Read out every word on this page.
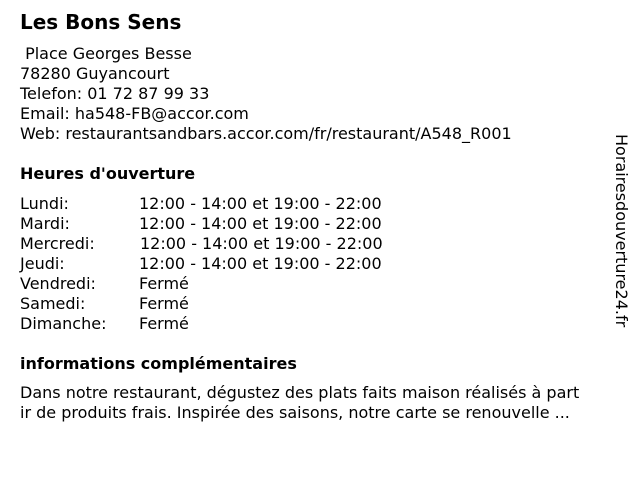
Les Bons Sens
Place Georges Besse
78280 Guyancourt
Telefon: 01 72 87 99 33
Email: ha548-FB@accor.com
Web: restaurantsandbars.accor.com/fr/restaurant/A548_R001
Heures d'ouverture
Lundi:	12:00 - 14:00 et 19:00 - 22:00
Mardi:	12:00 - 14:00 et 19:00 - 22:00
Mercredi:	12:00 - 14:00 et 19:00 - 22:00
Jeudi:	12:00 - 14:00 et 19:00 - 22:00
Vendredi:	Fermé
Samedi:	Fermé
Dimanche: Fermé
informations complémentaires
Dans notre restaurant, dégustez des plats faits maison réalisés à part
ir de produits frais. Inspirée des saisons, notre carte se renouvelle ...
Horairesdouverture24.fr
